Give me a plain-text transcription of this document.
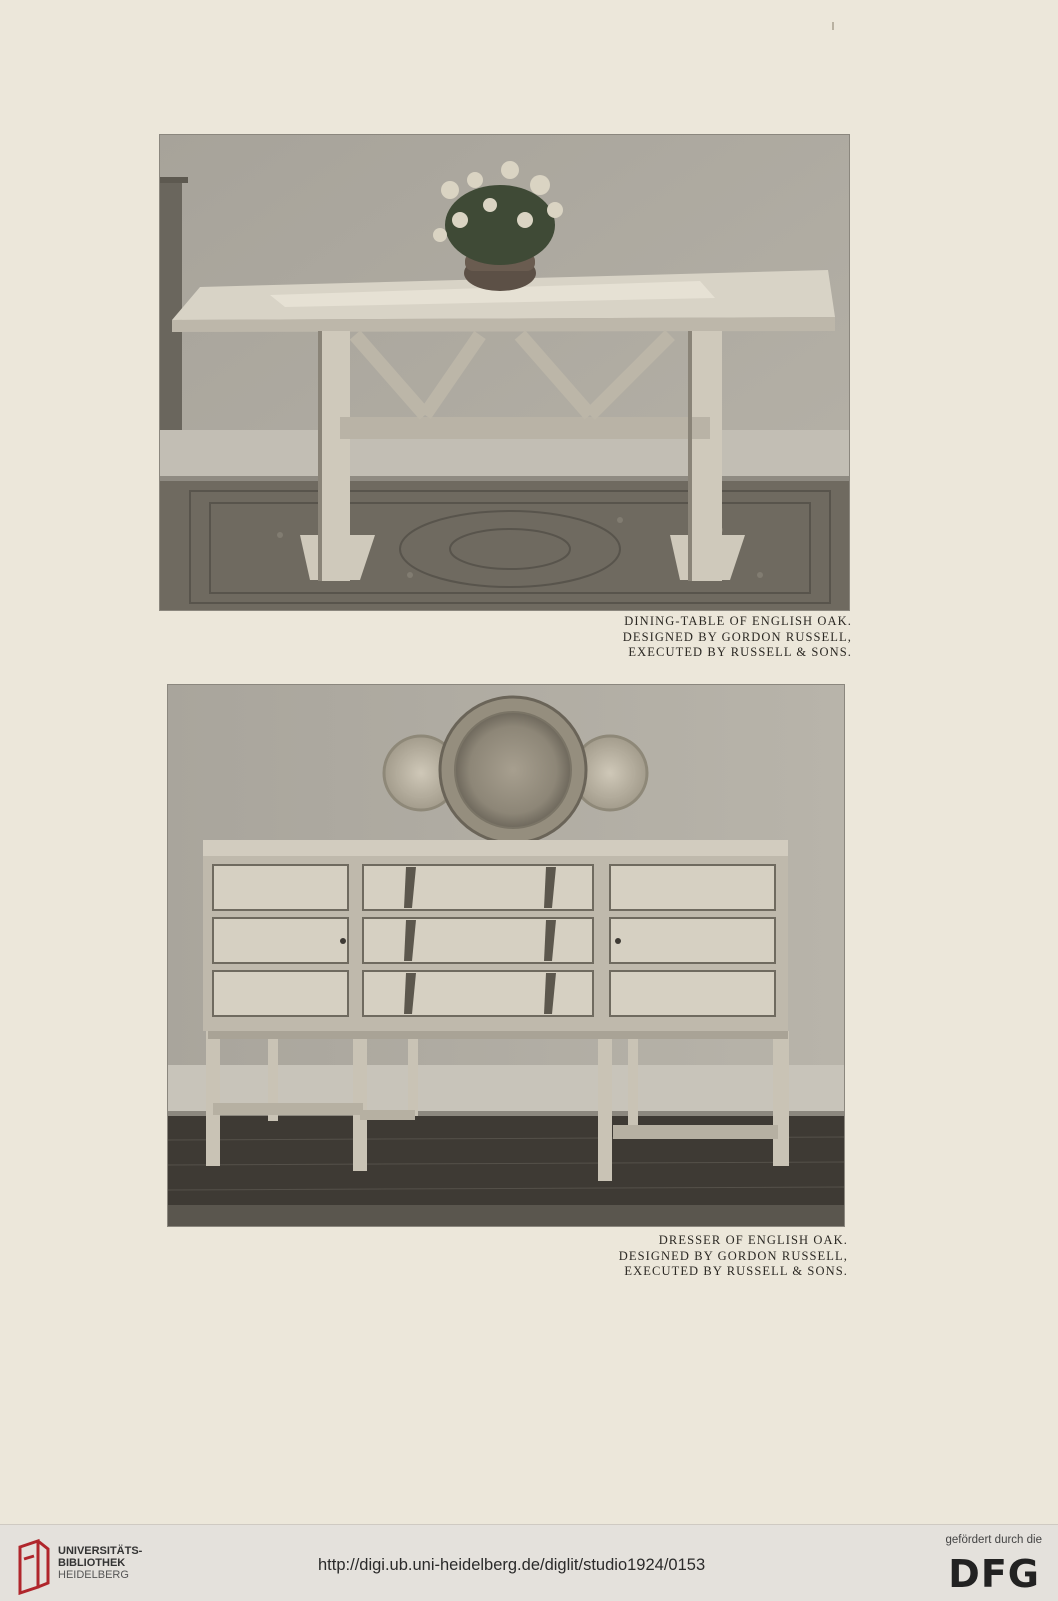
DINING-TABLE OF ENGLISH OAK.
DESIGNED BY GORDON RUSSELL,
EXECUTED BY RUSSELL & SONS.
DRESSER OF ENGLISH OAK.
DESIGNED BY GORDON RUSSELL,
EXECUTED BY RUSSELL & SONS.
UNIVERSITÄTS-
BIBLIOTHEK
HEIDELBERG
http://digi.ub.uni-heidelberg.de/diglit/studio1924/0153
gefördert durch die
DFG
